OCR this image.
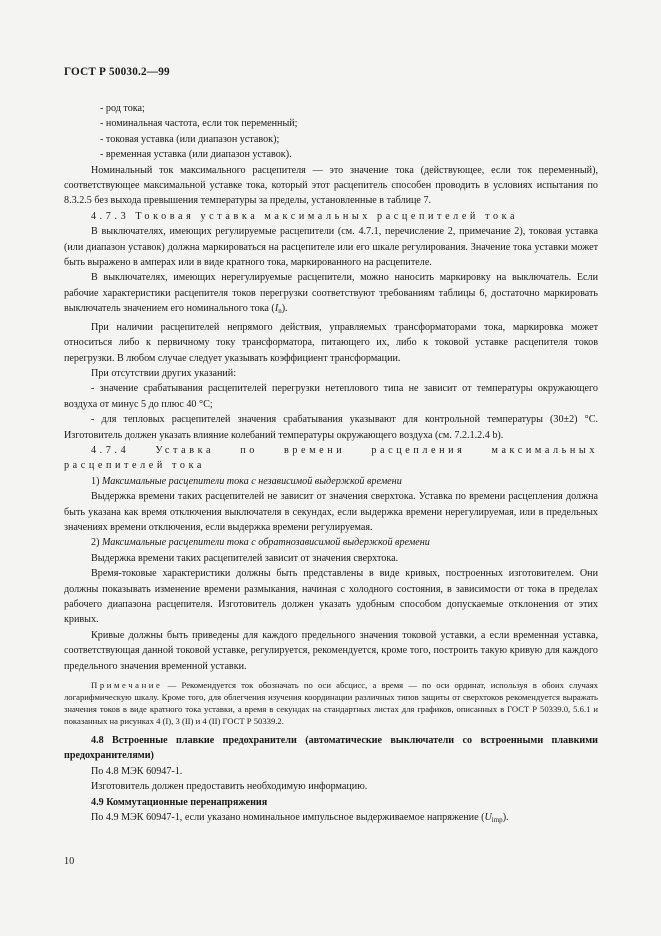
ГОСТ Р 50030.2—99

- род тока;

- номинальная частота, если ток переменный;

- токовая уставка (или диапазон уставок);

- временная уставка (или диапазон уставок).

Номинальный ток максимального расцепителя — это значение тока (действующее, если ток переменный), соответствующее максимальной уставке тока, который этот расцепитель способен проводить в условиях испытания по 8.3.2.5 без выхода превышения температуры за пределы, установленные в таблице 7.

4.7.3 Токовая уставка максимальных расцепителей тока

В выключателях, имеющих регулируемые расцепители (см. 4.7.1, перечисление 2, примечание 2), токовая уставка (или диапазон уставок) должна маркироваться на расцепителе или его шкале регулирования. Значение тока уставки может быть выражено в амперах или в виде кратного тока, маркированного на расцепителе.

В выключателях, имеющих нерегулируемые расцепители, можно наносить маркировку на выключатель. Если рабочие характеристики расцепителя токов перегрузки соответствуют требованиям таблицы 6, достаточно маркировать выключатель значением его номинального тока $(I_n)$.

При наличии расцепителей непрямого действия, управляемых трансформаторами тока, маркировка может относиться либо к первичному току трансформатора, питающего их, либо к токовой уставке расцепителя токов перегрузки. В любом случае следует указывать коэффициент трансформации.

При отсутствии других указаний:

- значение срабатывания расцепителей перегрузки нетеплового типа не зависит от температуры окружающего воздуха от минус 5 до плюс 40 °С;

- для тепловых расцепителей значения срабатывания указывают для контрольной температуры (30±2) °С. Изготовитель должен указать влияние колебаний температуры окружающего воздуха (см. 7.2.1.2.4 b).

4.7.4 Уставка по времени расцепления максимальных расцепителей тока

1) Максимальные расцепители тока с независимой выдержкой времени

Выдержка времени таких расцепителей не зависит от значения сверхтока. Уставка по времени расцепления должна быть указана как время отключения выключателя в секундах, если выдержка времени нерегулируемая, или в предельных значениях времени отключения, если выдержка времени регулируемая.

2) Максимальные расцепители тока с обратнозависимой выдержкой времени

Выдержка времени таких расцепителей зависит от значения сверхтока.

Время-токовые характеристики должны быть представлены в виде кривых, построенных изготовителем. Они должны показывать изменение времени размыкания, начиная с холодного состояния, в зависимости от тока в пределах рабочего диапазона расцепителя. Изготовитель должен указать удобным способом допускаемые отклонения от этих кривых.

Кривые должны быть приведены для каждого предельного значения токовой уставки, а если временная уставка, соответствующая данной токовой уставке, регулируется, рекомендуется, кроме того, построить такую кривую для каждого предельного значения временной уставки.

Примечание — Рекомендуется ток обозначать по оси абсцисс, а время — по оси ординат, используя в обоих случаях логарифмическую шкалу. Кроме того, для облегчения изучения координации различных типов защиты от сверхтоков рекомендуется выражать значения токов в виде кратного тока уставки, а время в секундах на стандартных листах для графиков, описанных в ГОСТ Р 50339.0, 5.6.1 и показанных на рисунках 4 (I), 3 (II) и 4 (II) ГОСТ Р 50339.2.

4.8 Встроенные плавкие предохранители (автоматические выключатели со встроенными плавкими предохранителями)

По 4.8 МЭК 60947-1.

Изготовитель должен предоставить необходимую информацию.

4.9 Коммутационные перенапряжения

По 4.9 МЭК 60947-1, если указано номинальное импульсное выдерживаемое напряжение $(U_{imp})$.

10
